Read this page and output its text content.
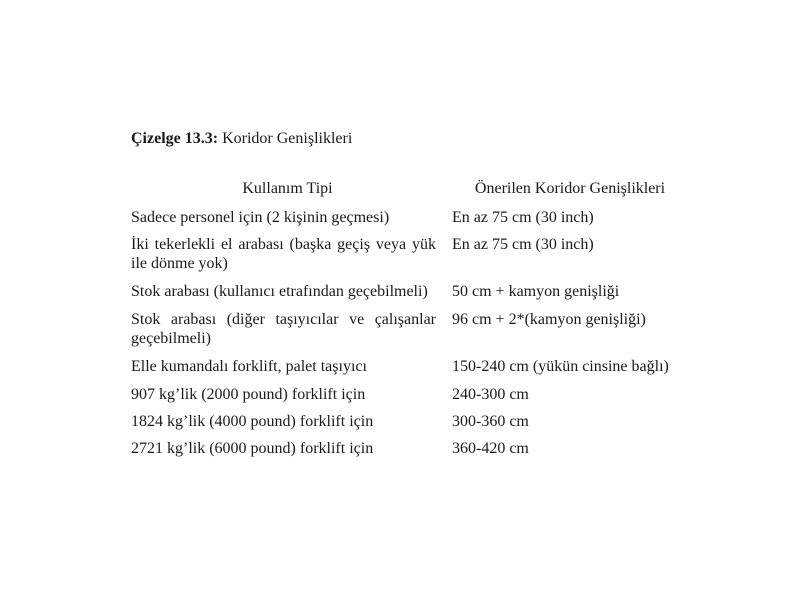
Çizelge 13.3: Koridor Genişlikleri
Kullanım Tipi	Önerilen Koridor Genişlikleri
Sadece personel için (2 kişinin geçmesi)	En az 75 cm (30 inch)
İki tekerlekli el arabası (başka geçiş veya yük ile dönme yok)	En az 75 cm (30 inch)
Stok arabası (kullanıcı etrafından geçebilmeli)	50 cm + kamyon genişliği
Stok arabası (diğer taşıyıcılar ve çalışanlar geçebilmeli)	96 cm + 2*(kamyon genişliği)
Elle kumandalı forklift, palet taşıyıcı	150-240 cm (yükün cinsine bağlı)
907 kg’lik (2000 pound) forklift için	240-300 cm
1824 kg’lik (4000 pound) forklift için	300-360 cm
2721 kg’lik (6000 pound) forklift için	360-420 cm
